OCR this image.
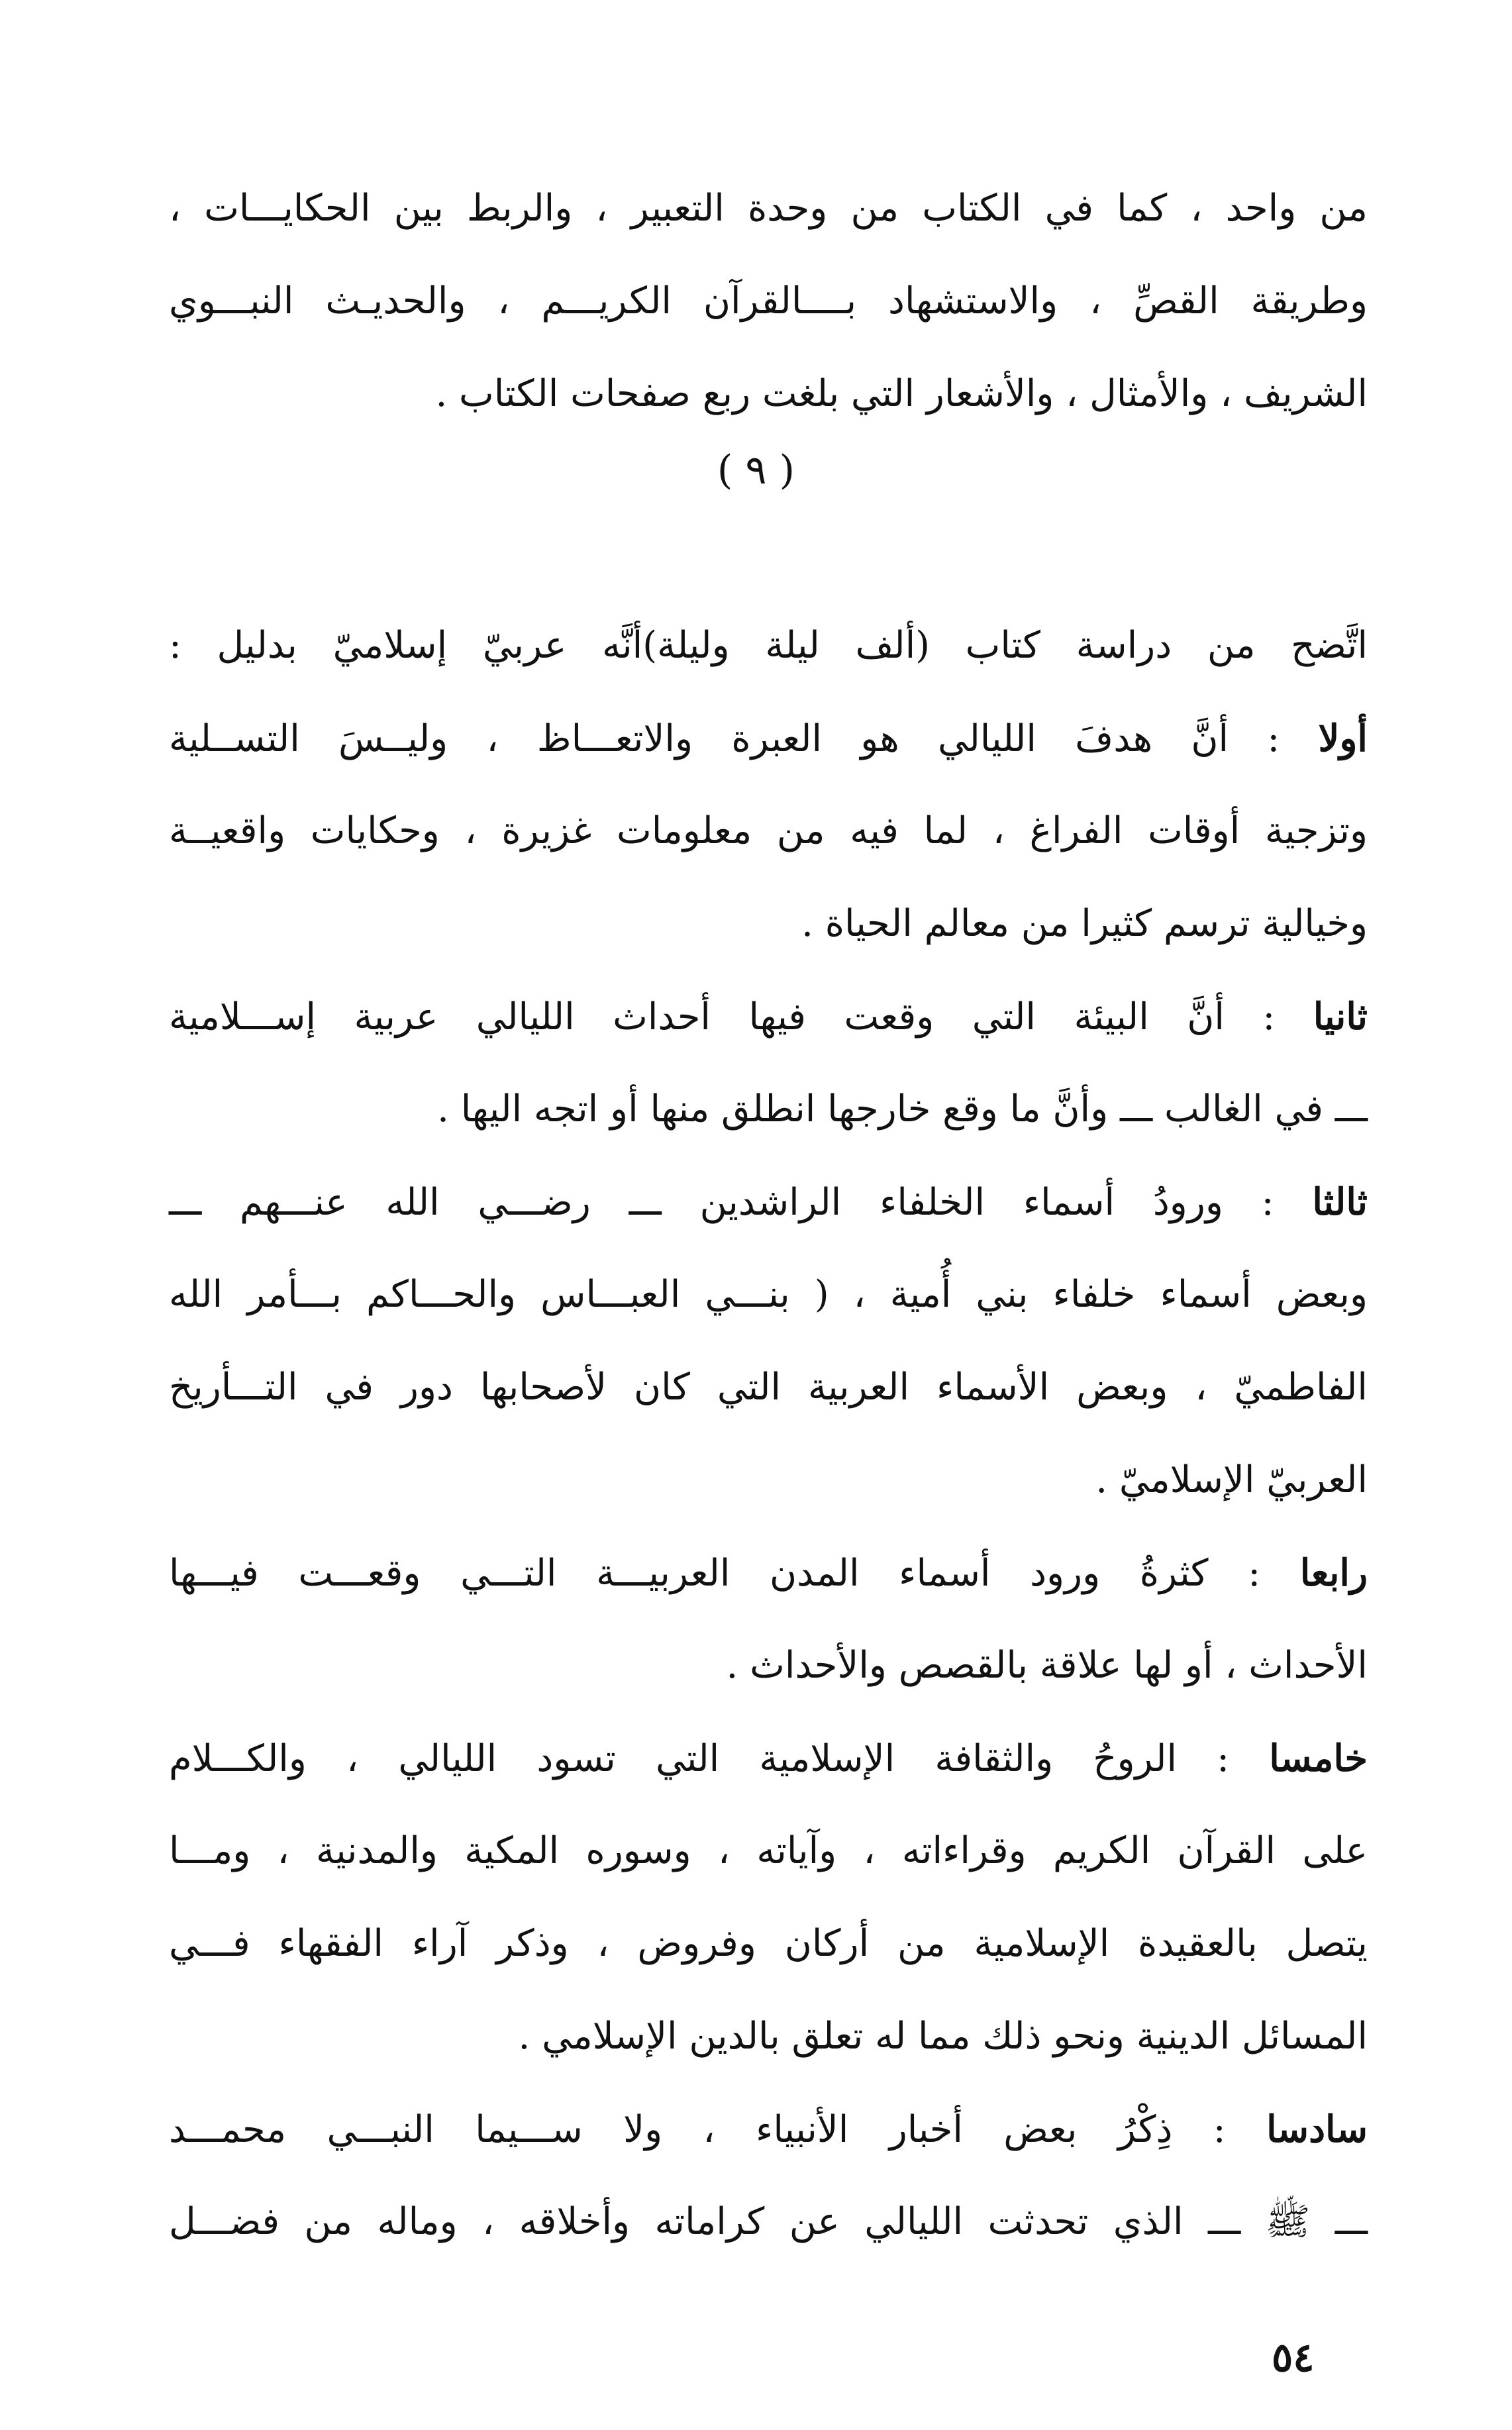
من واحد ، كما في الكتاب من وحدة التعبير ، والربط بين الحكايـــات ،
وطريقة القصِّ ، والاستشهاد بــــالقرآن الكريـــم ، والحديـث النبـــوي
الشريف ، والأمثال ، والأشعار التي بلغت ربع صفحات الكتاب .
( ٩ )
اتَّضح من دراسة كتاب (ألف ليلة وليلة)أنَّه عربيّ إسلاميّ بدليل :
أولا : أنَّ هدفَ الليالي هو العبرة والاتعـــاظ ، وليــسَ التســلية
وتزجية أوقات الفراغ ، لما فيه من معلومات غزيرة ، وحكايات واقعيــة
وخيالية ترسم كثيرا من معالم الحياة .
ثانيا : أنَّ البيئة التي وقعت فيها أحداث الليالي عربية إســـلامية
ـــ في الغالب ـــ وأنَّ ما وقع خارجها انطلق منها أو اتجه اليها .
ثالثا : ورودُ أسماء الخلفاء الراشدين ـــ رضـــي الله عنـــهم ـــ
وبعض أسماء خلفاء بني أُمية ، ( بنـــي العبـــاس والحـــاكم بـــأمر الله
الفاطميّ ، وبعض الأسماء العربية التي كان لأصحابها دور في التـــأريخ
العربيّ الإسلاميّ .
رابعا : كثرةُ ورود أسماء المدن العربيـــة التـــي وقعـــت فيـــها
الأحداث ، أو لها علاقة بالقصص والأحداث .
خامسا : الروحُ والثقافة الإسلامية التي تسود الليالي ، والكـــلام
على القرآن الكريم وقراءاته ، وآياته ، وسوره المكية والمدنية ، ومـــا
يتصل بالعقيدة الإسلامية من أركان وفروض ، وذكر آراء الفقهاء فـــي
المسائل الدينية ونحو ذلك مما له تعلق بالدين الإسلامي .
سادسا : ذِكْرُ بعض أخبار الأنبياء ، ولا ســـيما النبـــي محمـــد
ـــ ﷺ ـــ الذي تحدثت الليالي عن كراماته وأخلاقه ، وماله من فضـــل
٥٤
